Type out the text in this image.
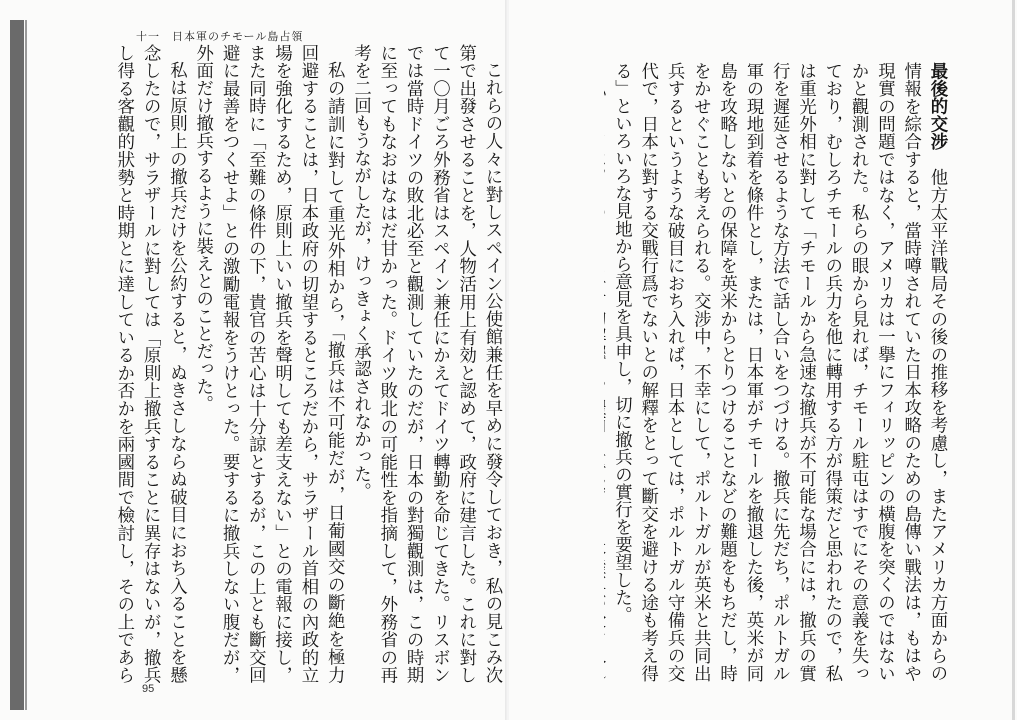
十一　日本軍のチモール島占領

これらの人々に對しスペイン公使館兼任を早めに發令しておき，私の見こみ次第で出發させることを，人物活用上有効と認めて，政府に建言した。これに對して一〇月ごろ外務省はスペイン兼任にかえてドイツ轉勤を命じてきた。リスボンでは當時ドイツの敗北必至と觀測していたのだが，日本の對獨觀測は，この時期に至ってもなおはなはだ甘かった。ドイツ敗北の可能性を指摘して，外務省の再考を二回もうながしたが，けっきょく承認されなかった。

私の請訓に對して重光外相から，「撤兵は不可能だが，日葡國交の斷絶を極力回避することは，日本政府の切望するところだから，サラザール首相の內政的立場を強化するため，原則上いい撤兵を聲明しても差支えない」との電報に接し，また同時に「至難の條件の下，貴官の苦心は十分諒とするが，この上とも斷交回避に最善をつくせよ」との激勵電報をうけとった。要するに撤兵しない腹だが，外面だけ撤兵するように裝えとのことだった。

私は原則上の撤兵だけを公約すると，ぬきさしならぬ破目におち入ることを懸念したので，サラザールに對しては「原則上撤兵することに異存はないが，撤兵し得る客觀的狀勢と時期とに達しているか否かを兩國間で檢討し，その上であら

95

最後的交涉　他方太平洋戰局その後の推移を考慮し，またアメリカ方面からの情報を綜合すると，當時噂されていた日本攻略のための島傳い戰法は，もはや現實の問題ではなく，アメリカは一擧にフィリッピンの橫腹を突くのではないかと觀測された。私らの眼から見れば，チモール駐屯はすでにその意義を失っており，むしろチモールの兵力を他に轉用する方が得策だと思われたので，私は重光外相に對して「チモールから急速な撤兵が不可能な場合には，撤兵の實行を遲延させるような方法で話し合いをつづける。撤兵に先だち，ポルトガル軍の現地到着を條件とし，または，日本軍がチモールを撤退した後，英米が同島を攻略しないとの保障を英米からとりつけることなどの難題をもちだし，時をかせぐことも考えられる。交涉中，不幸にして，ポルトガルが英米と共同出兵するというような破目におち入れば，日本としては，ポルトガル守備兵の交代で，日本に對する交戰行爲でないとの解釋をとって斷交を避ける途も考え得る」といろいろな見地から意見を具申し，切に撤兵の實行を要望した。
